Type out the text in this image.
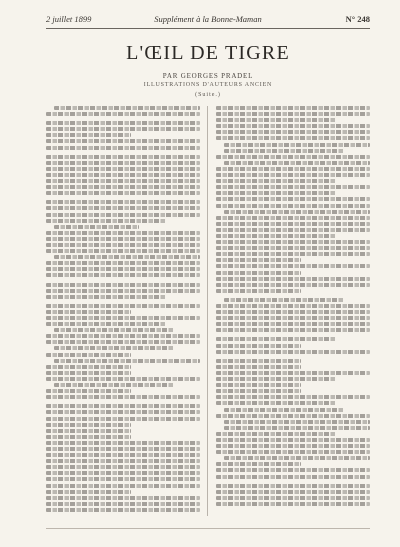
2 juillet 1899	Supplément à la Bonne-Maman	N° 248
L'ŒIL DE TIGRE
PAR GEORGES PRADEL
ILLUSTRATIONS D'AUTEURS ANCIEN
(Suite.)
